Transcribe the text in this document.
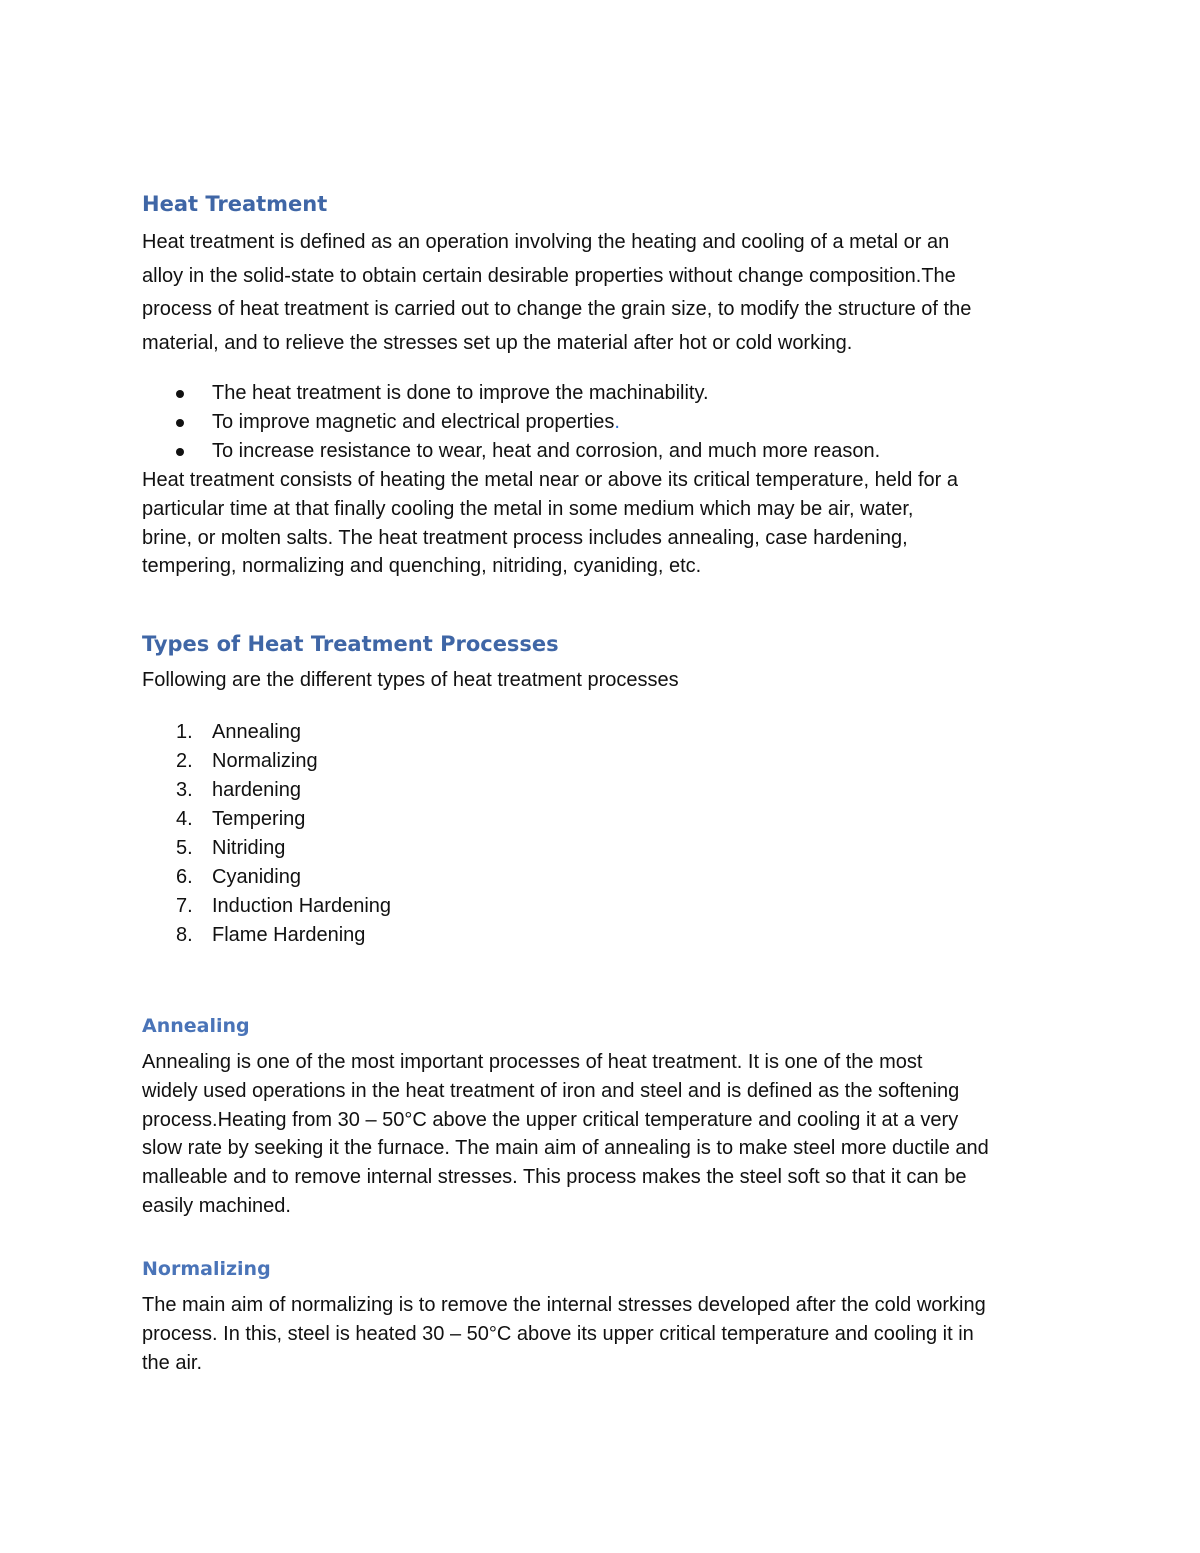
Heat Treatment

Heat treatment is defined as an operation involving the heating and cooling of a metal or an
alloy in the solid-state to obtain certain desirable properties without change composition.The
process of heat treatment is carried out to change the grain size, to modify the structure of the
material, and to relieve the stresses set up the material after hot or cold working.

The heat treatment is done to improve the machinability.
To improve magnetic and electrical properties.
To increase resistance to wear, heat and corrosion, and much more reason.

Heat treatment consists of heating the metal near or above its critical temperature, held for a
particular time at that finally cooling the metal in some medium which may be air, water,
brine, or molten salts. The heat treatment process includes annealing, case hardening,
tempering, normalizing and quenching, nitriding, cyaniding, etc.

Types of Heat Treatment Processes

Following are the different types of heat treatment processes

1. Annealing
2. Normalizing
3. hardening
4. Tempering
5. Nitriding
6. Cyaniding
7. Induction Hardening
8. Flame Hardening
Annealing

Annealing is one of the most important processes of heat treatment. It is one of the most
widely used operations in the heat treatment of iron and steel and is defined as the softening
process.Heating from 30 – 50°C above the upper critical temperature and cooling it at a very
slow rate by seeking it the furnace. The main aim of annealing is to make steel more ductile and
malleable and to remove internal stresses. This process makes the steel soft so that it can be
easily machined.

Normalizing

The main aim of normalizing is to remove the internal stresses developed after the cold working
process. In this, steel is heated 30 – 50°C above its upper critical temperature and cooling it in
the air.
